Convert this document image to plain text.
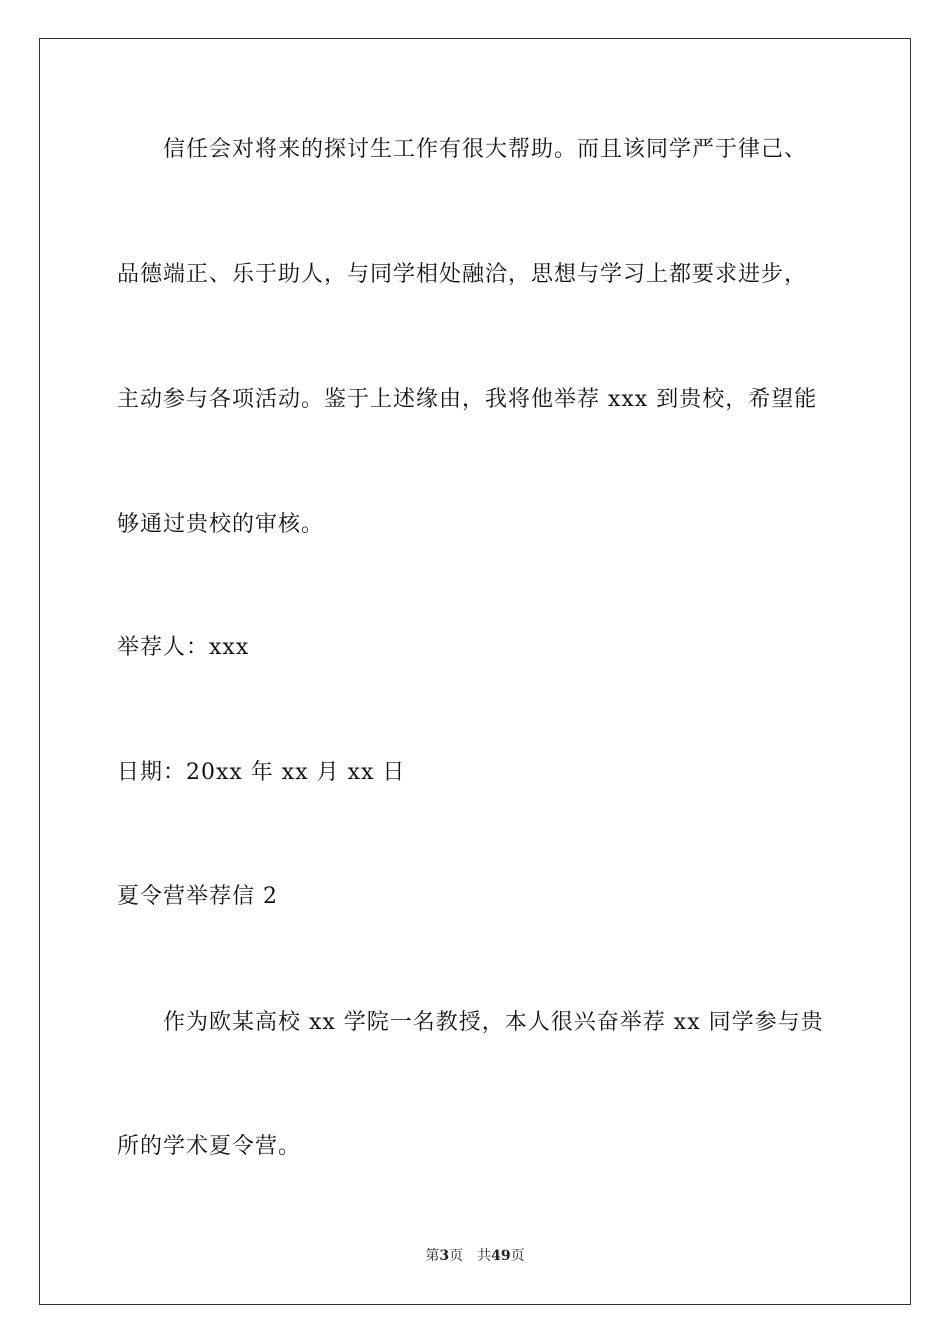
信任会对将来的探讨生工作有很大帮助。而且该同学严于律己、
品德端正、乐于助人，与同学相处融洽，思想与学习上都要求进步，
主动参与各项活动。鉴于上述缘由，我将他举荐 xxx 到贵校，希望能
够通过贵校的审核。
举荐人：xxx
日期：20xx 年 xx 月 xx 日
夏令营举荐信 2
作为欧某高校 xx 学院一名教授，本人很兴奋举荐 xx 同学参与贵
所的学术夏令营。
第3页 共49页
